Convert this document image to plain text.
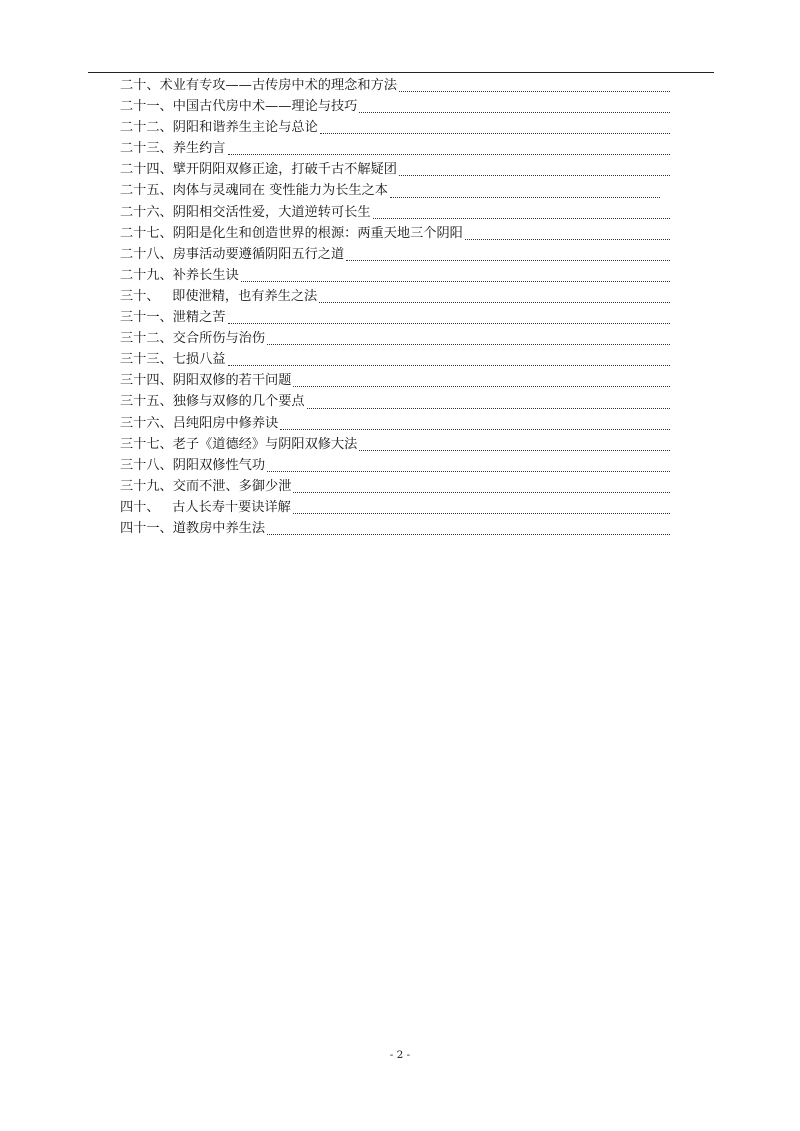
二十、术业有专攻——古传房中术的理念和方法
二十一、中国古代房中术——理论与技巧
二十二、阴阳和谐养生主论与总论
二十三、养生约言
二十四、擘开阴阳双修正途，打破千古不解疑团
二十五、肉体与灵魂同在 变性能力为长生之本
二十六、阴阳相交活性爱，大道逆转可长生
二十七、阴阳是化生和创造世界的根源：两重天地三个阴阳
二十八、房事活动要遵循阴阳五行之道
二十九、补养长生诀
三十、   即使泄精，也有养生之法
三十一、泄精之苦
三十二、交合所伤与治伤
三十三、七损八益
三十四、阴阳双修的若干问题
三十五、独修与双修的几个要点
三十六、吕纯阳房中修养诀
三十七、老子《道德经》与阴阳双修大法
三十八、阴阳双修性气功
三十九、交而不泄、多御少泄
四十、   古人长寿十要诀详解
四十一、道教房中养生法
- 2 -
